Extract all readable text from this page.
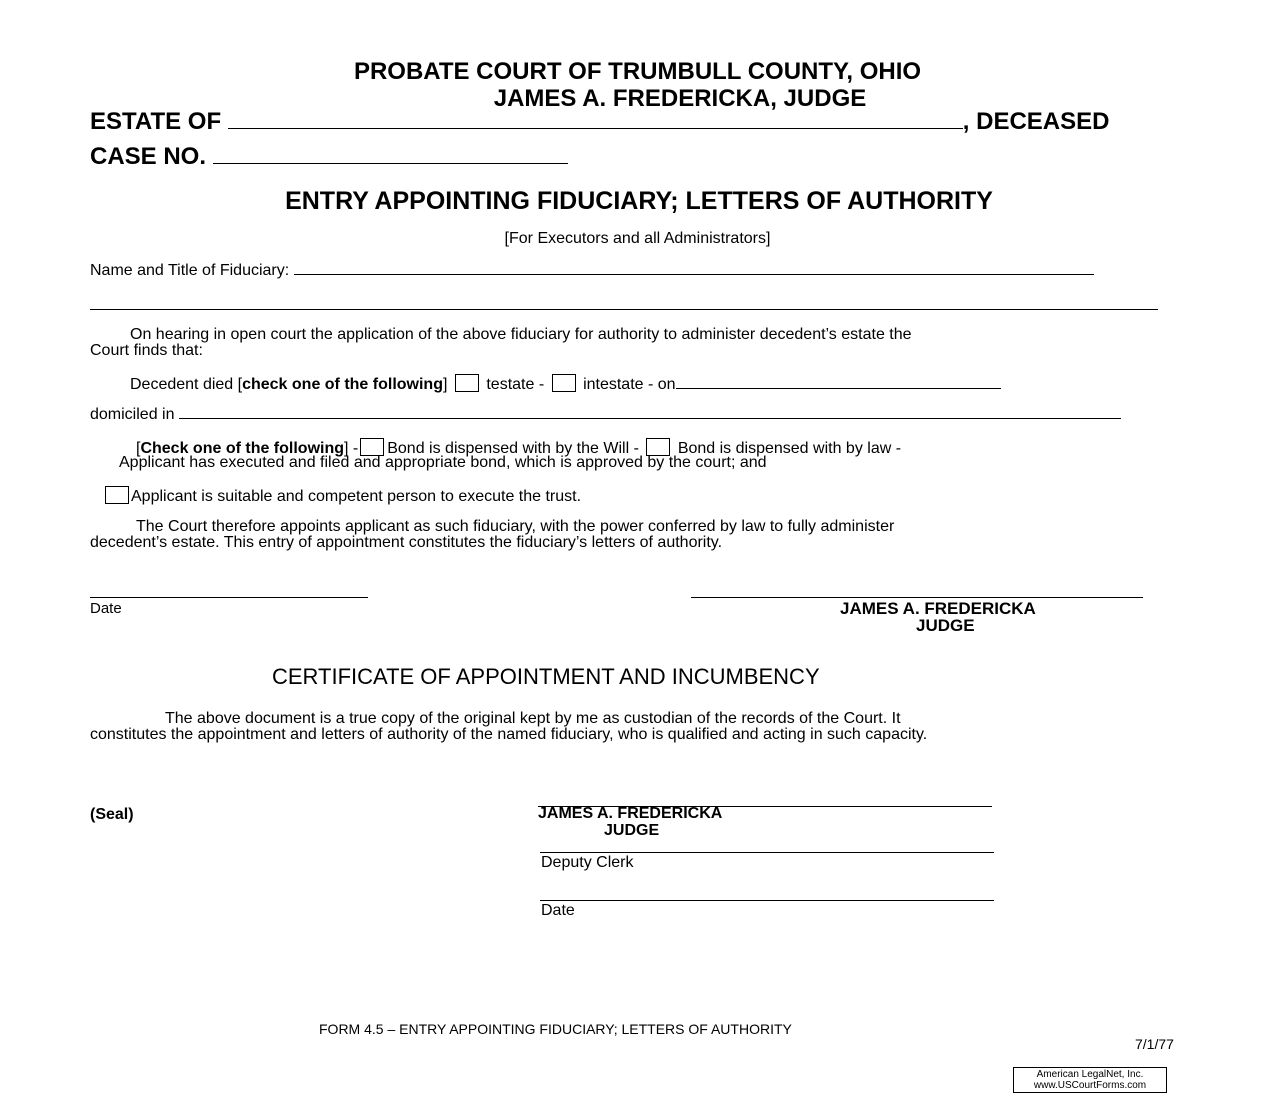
PROBATE COURT OF TRUMBULL COUNTY, OHIO
JAMES A. FREDERICKA, JUDGE
ESTATE OF	, DECEASED
CASE NO.
ENTRY APPOINTING FIDUCIARY; LETTERS OF AUTHORITY
[For Executors and all Administrators]
Name and Title of Fiduciary:
On hearing in open court the application of the above fiduciary for authority to administer decedent’s estate the
Court finds that:
Decedent died [check one of the following] testate - intestate - on
domiciled in
[Check one of the following] - Bond is dispensed with by the Will - Bond is dispensed with by law -
Applicant has executed and filed and appropriate bond, which is approved by the court; and
Applicant is suitable and competent person to execute the trust.
The Court therefore appoints applicant as such fiduciary, with the power conferred by law to fully administer
decedent’s estate. This entry of appointment constitutes the fiduciary’s letters of authority.
Date	JAMES A. FREDERICKA
JUDGE
CERTIFICATE OF APPOINTMENT AND INCUMBENCY
The above document is a true copy of the original kept by me as custodian of the records of the Court. It
constitutes the appointment and letters of authority of the named fiduciary, who is qualified and acting in such capacity.
(Seal)	JAMES A. FREDERICKA
JUDGE
Deputy Clerk
Date
FORM 4.5 – ENTRY APPOINTING FIDUCIARY; LETTERS OF AUTHORITY
7/1/77
American LegalNet, Inc.
www.USCourtForms.com
